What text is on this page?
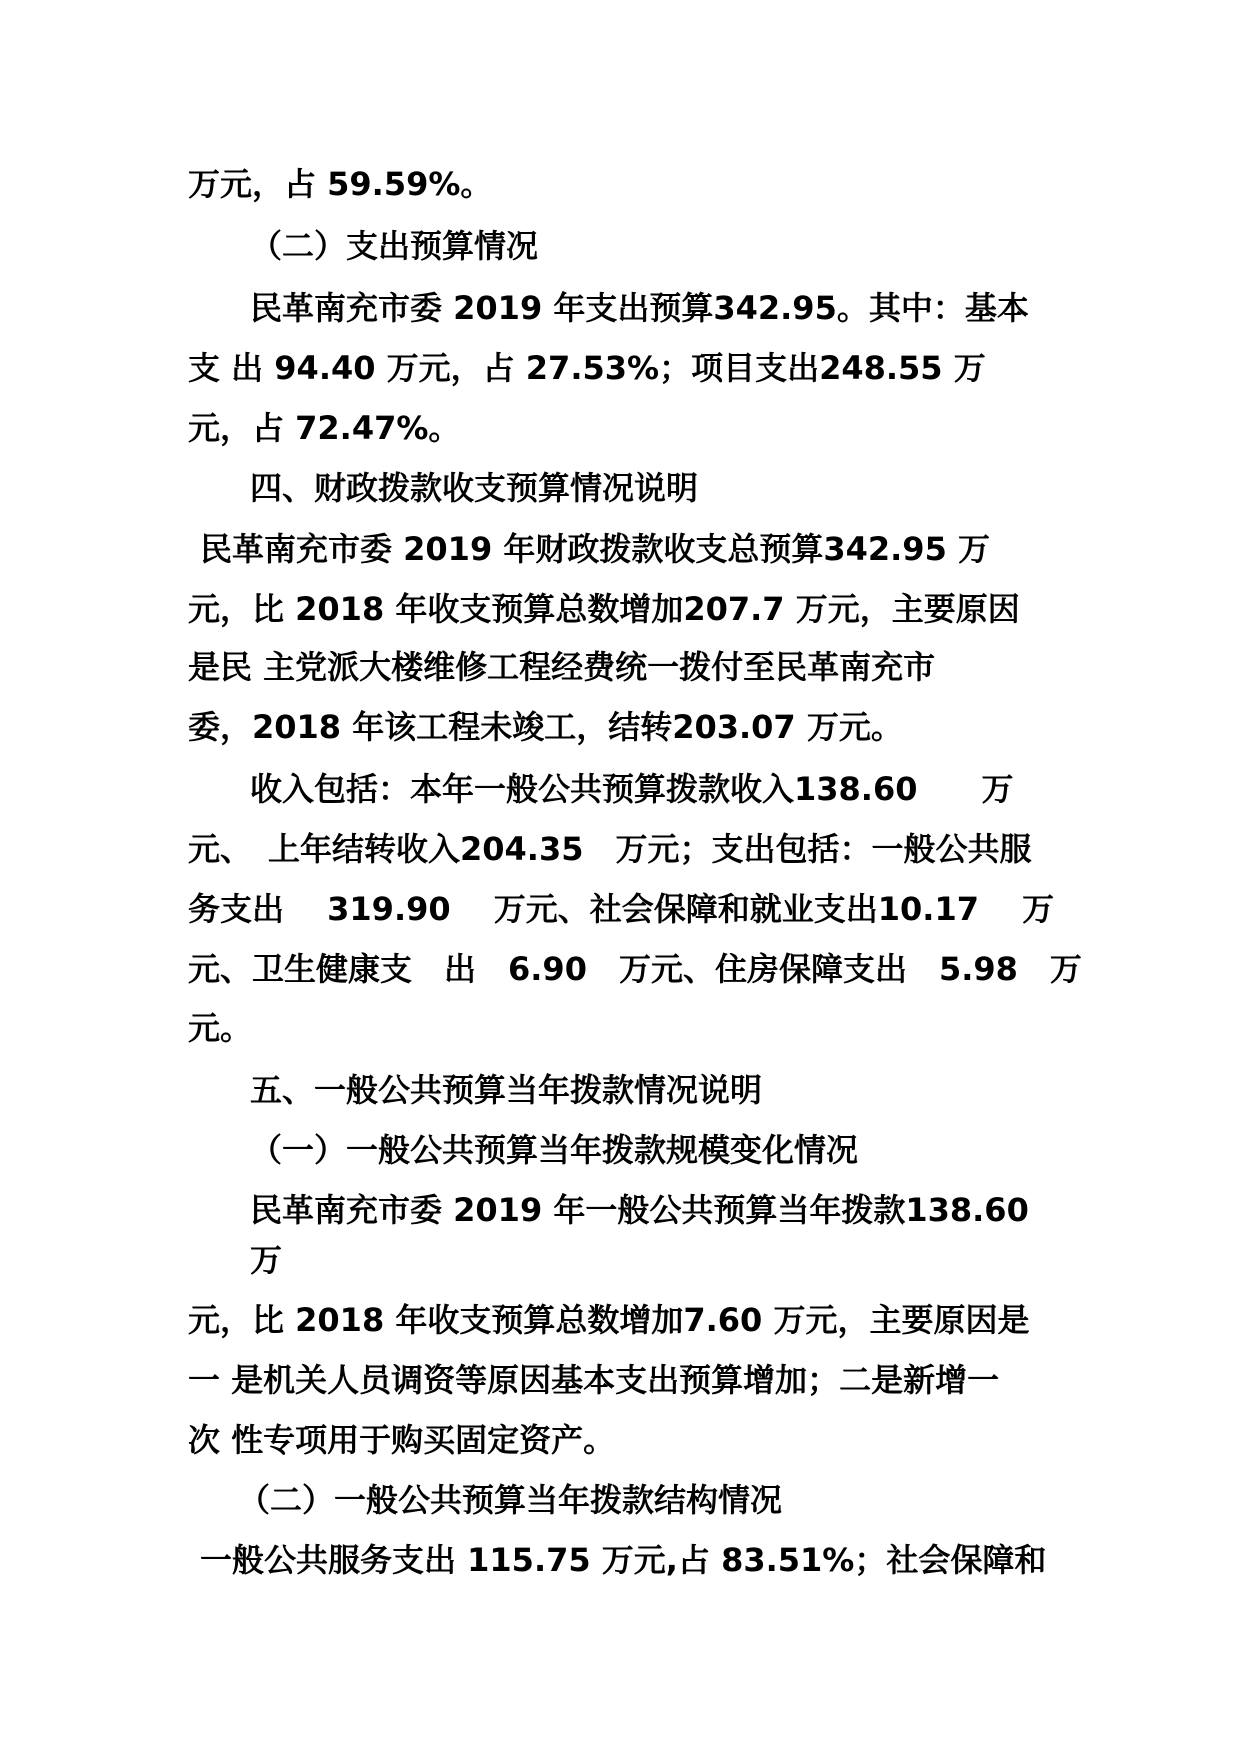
万元，占 59.59%。

（二）支出预算情况

民革南充市委 2019 年支出预算342.95。其中：基本

支 出 94.40 万元，占 27.53%；项目支出248.55 万

元，占 72.47%。

四、财政拨款收支预算情况说明

民革南充市委 2019 年财政拨款收支总预算342.95 万

元，比 2018 年收支预算总数增加207.7 万元，主要原因

是民 主党派大楼维修工程经费统一拨付至民革南充市

委，2018 年该工程未竣工，结转203.07 万元。

收入包括：本年一般公共预算拨款收入138.60　　万

元、　上年结转收入204.35　万元；支出包括：一般公共服

务支出　 319.90　 万元、社会保障和就业支出10.17　 万

元、卫生健康支　出　6.90　万元、住房保障支出　5.98　万

元。

五、一般公共预算当年拨款情况说明

（一）一般公共预算当年拨款规模变化情况

民革南充市委 2019 年一般公共预算当年拨款138.60

万

元，比 2018 年收支预算总数增加7.60 万元，主要原因是

一 是机关人员调资等原因基本支出预算增加；二是新增一

次 性专项用于购买固定资产。

（二）一般公共预算当年拨款结构情况

一般公共服务支出 115.75 万元,占 83.51%；社会保障和
